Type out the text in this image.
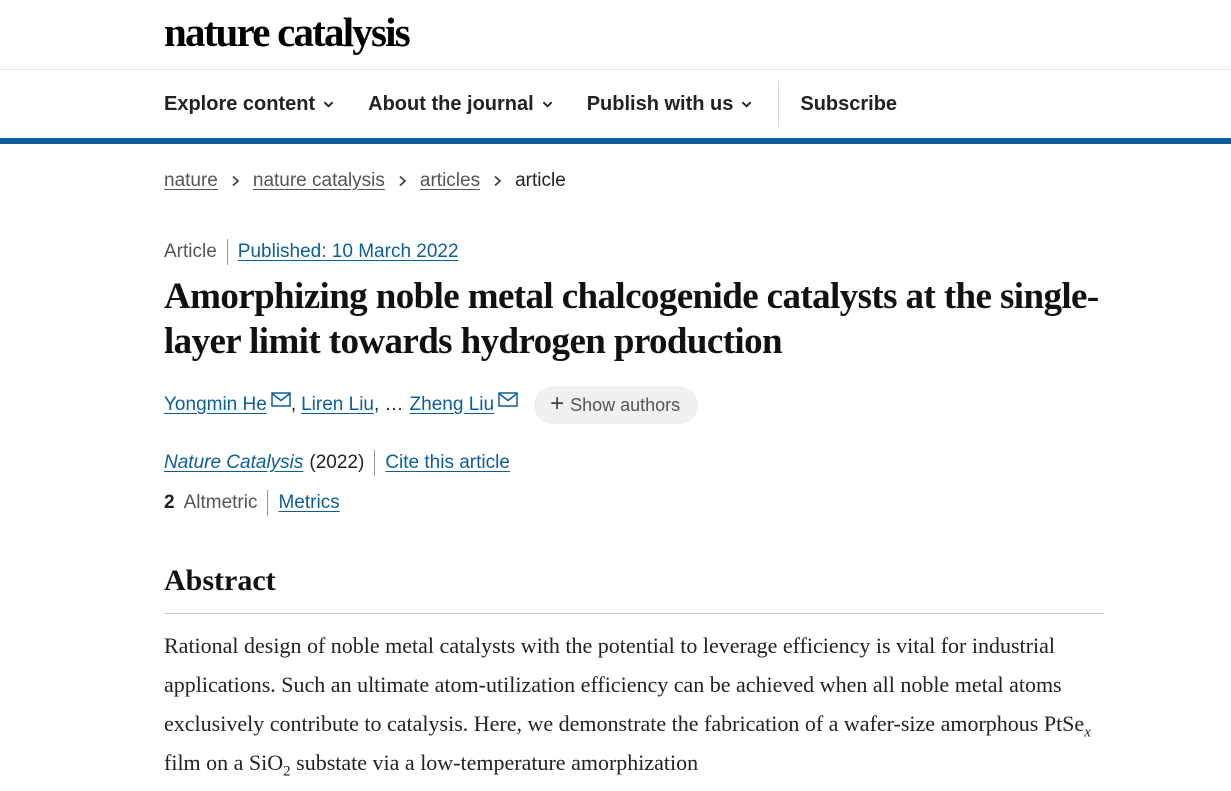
nature catalysis
Explore content	About the journal	Publish with us	Subscribe
nature nature catalysis articles article
Article Published: 10 March 2022
Amorphizing noble metal chalcogenide catalysts at the single-layer limit towards hydrogen production
Yongmin He , Liren Liu , … Zheng Liu + Show authors
Nature Catalysis (2022) Cite this article
2 Altmetric Metrics
Abstract

Rational design of noble metal catalysts with the potential to leverage efficiency is vital for industrial applications. Such an ultimate atom-utilization efficiency can be achieved when all noble metal atoms exclusively contribute to catalysis. Here, we demonstrate the fabrication of a wafer-size amorphous PtSe$_x$ film on a SiO$_2$ substate via a low-temperature amorphization
